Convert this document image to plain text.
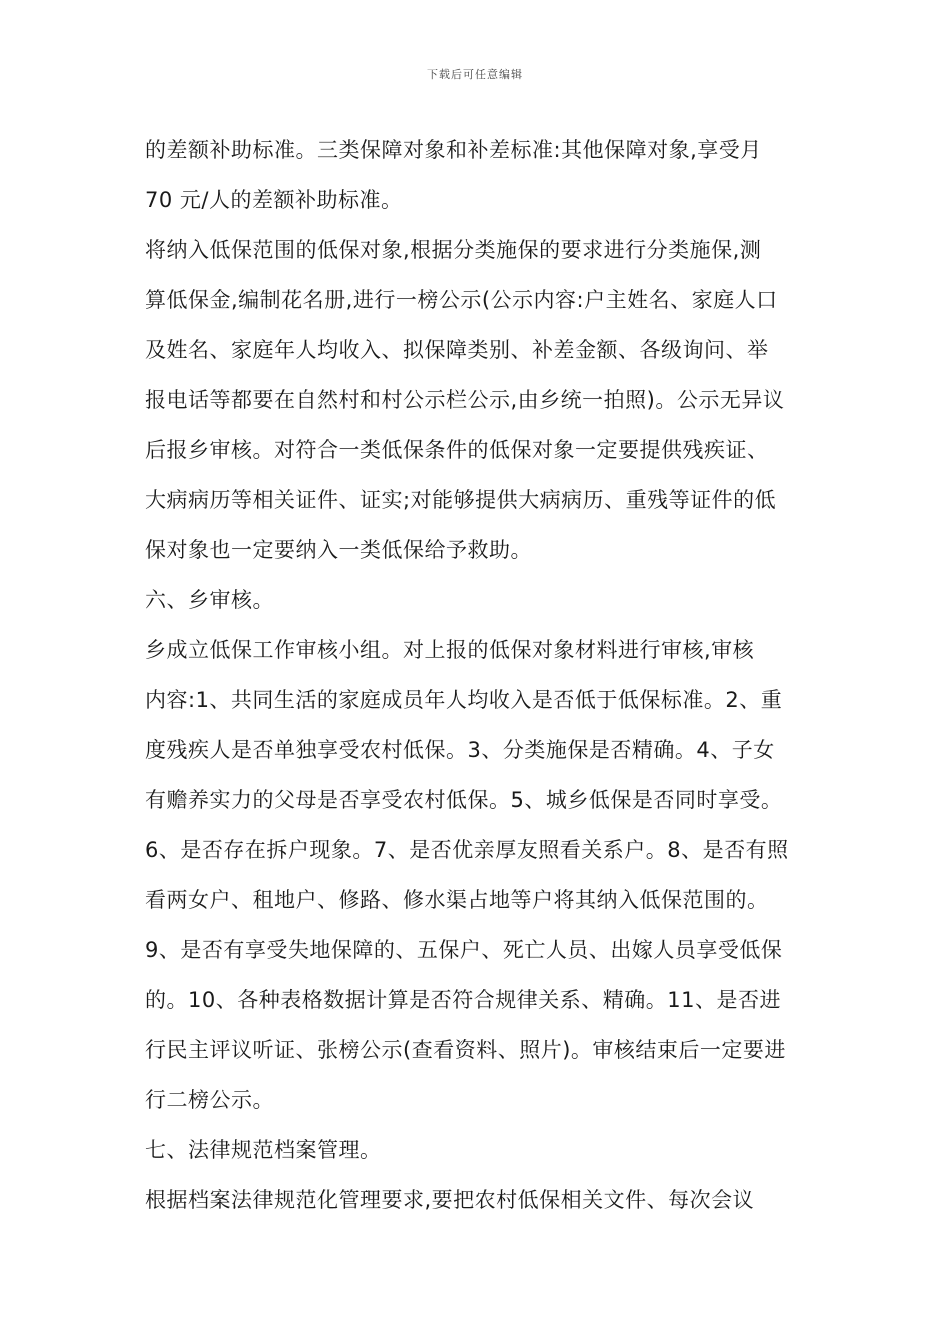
下载后可任意编辑
的差额补助标准。三类保障对象和补差标准:其他保障对象,享受月
70 元/人的差额补助标准。
将纳入低保范围的低保对象,根据分类施保的要求进行分类施保,测
算低保金,编制花名册,进行一榜公示(公示内容:户主姓名、家庭人口
及姓名、家庭年人均收入、拟保障类别、补差金额、各级询问、举
报电话等都要在自然村和村公示栏公示,由乡统一拍照)。公示无异议
后报乡审核。对符合一类低保条件的低保对象一定要提供残疾证、
大病病历等相关证件、证实;对能够提供大病病历、重残等证件的低
保对象也一定要纳入一类低保给予救助。
六、乡审核。
乡成立低保工作审核小组。对上报的低保对象材料进行审核,审核
内容:1、共同生活的家庭成员年人均收入是否低于低保标准。2、重
度残疾人是否单独享受农村低保。3、分类施保是否精确。4、子女
有赡养实力的父母是否享受农村低保。5、城乡低保是否同时享受。
6、是否存在拆户现象。7、是否优亲厚友照看关系户。8、是否有照
看两女户、租地户、修路、修水渠占地等户将其纳入低保范围的。
9、是否有享受失地保障的、五保户、死亡人员、出嫁人员享受低保
的。10、各种表格数据计算是否符合规律关系、精确。11、是否进
行民主评议听证、张榜公示(查看资料、照片)。审核结束后一定要进
行二榜公示。
七、法律规范档案管理。
根据档案法律规范化管理要求,要把农村低保相关文件、每次会议
